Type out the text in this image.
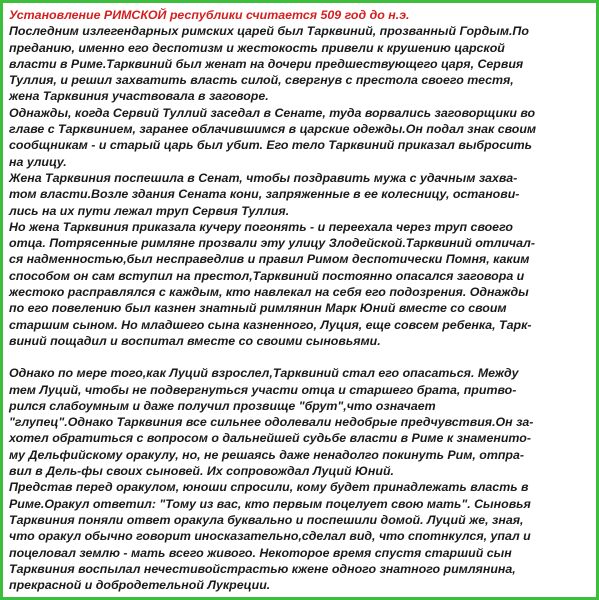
Установление РИМСКОЙ республики считается 509 год до н.э.
Последним излегендарных римских царей был Тарквиний, прозванный Гордым.По
преданию, именно его деспотизм и жестокость привели к крушению царской
власти в Риме.Тарквиний был женат на дочери предшествующего царя, Сервия
Туллия, и решил захватить власть силой, свергнув с престола своего тестя,
жена Тарквиния участвовала в заговоре.
Однажды, когда Сервий Туллий заседал в Сенате, туда ворвались заговорщики во
главе с Тарквинием, заранее облачившимся в царские одежды.Он подал знак своим
сообщникам - и старый царь был убит. Его тело Тарквиний приказал выбросить
на улицу.
Жена Тарквиния поспешила в Сенат, чтобы поздравить мужа с удачным захва-
том власти.Возле здания Сената кони, запряженные в ее колесницу, останови-
лись на их пути лежал труп Сервия Туллия.
Но жена Тарквиния приказала кучеру погонять - и переехала через труп своего
отца. Потрясенные римляне прозвали эту улицу Злодейской.Тарквиний отличал-
ся надменностью,был несправедлив и правил Римом деспотически Помня, каким
способом он сам вступил на престол,Тарквиний постоянно опасался заговора и
жестоко расправлялся с каждым, кто навлекал на себя его подозрения. Однажды
по его повелению был казнен знатный римлянин Марк Юний вместе со своим
старшим сыном. Но младшего сына казненного, Луция, еще совсем ребенка, Тарк-
виний пощадил и воспитал вместе со своими сыновьями.
Однако по мере того,как Луций взрослел,Тарквиний стал его опасаться. Между
тем Луций, чтобы не подвергнуться участи отца и старшего брата, притво-
рился слабоумным и даже получил прозвище "брут",что означает
"глупец".Однако Тарквиния все сильнее одолевали недобрые предчувствия.Он за-
хотел обратиться с вопросом о дальнейшей судьбе власти в Риме к знаменито-
му Дельфийскому оракулу, но, не решаясь даже ненадолго покинуть Рим, отпра-
вил в Дель-фы своих сыновей. Их сопровождал Луций Юний.
Представ перед оракулом, юноши спросили, кому будет принадлежать власть в
Риме.Оракул ответил: "Тому из вас, кто первым поцелует свою мать". Сыновья
Тарквиния поняли ответ оракула буквально и поспешили домой. Луций же, зная,
что оракул обычно говорит иносказательно,сделал вид, что спотнкулся, упал и
поцеловал землю - мать всего живого. Некоторое время спустя старший сын
Тарквиния воспылал нечестивойстрастью кжене одного знатного римлянина,
прекрасной и добродетельной Лукреции.
